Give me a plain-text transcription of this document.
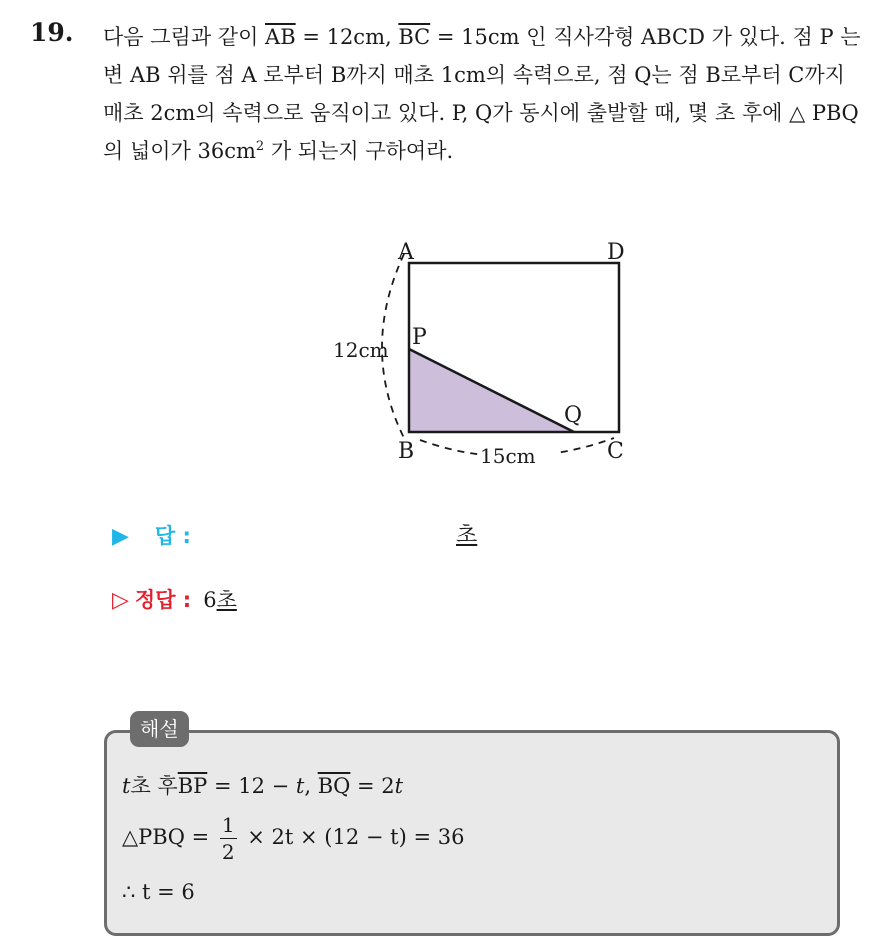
19. 다음 그림과 같이 $\overline{AB} = 12cm$, $\overline{BC} = 15cm$ 인 직사각형 ABCD 가 있다. 점 P 는 변 AB 위를 점 A 로부터 B까지 매초 1cm의 속력으로, 점 Q는 점 B로부터 C까지 매초 2cm의 속력으로 움직이고 있다. P, Q가 동시에 출발할 때, 몇 초 후에 △ PBQ의 넓이가 $36cm^2$ 가 되는지 구하여라.

A	D
B	C
P
Q
12cm
15cm
▶ 답 :	초
▷ 정답 : 6초
해설
t초 후$\overline{BP} = 12 - t$, $\overline{BQ} = 2t$
△PBQ = $\frac{1}{2} \times 2t \times (12 - t) = 36$
∴ t = 6
